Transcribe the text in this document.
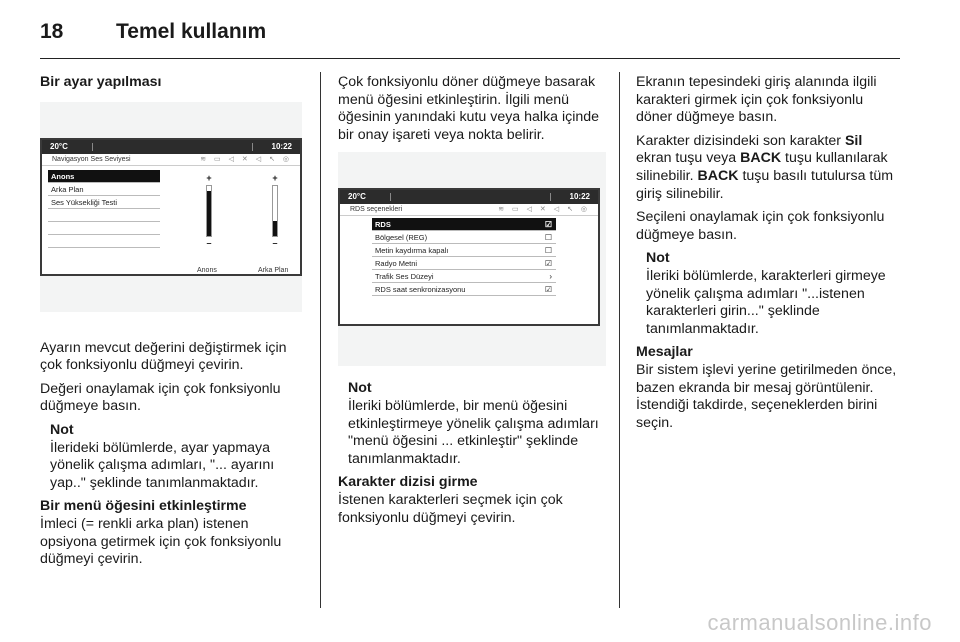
18	Temel kullanım
Bir ayar yapılması
20°C	10:22
Navigasyon Ses Seviyesi	≋ ▭ ◁ ✕ ◁ ↖ ◎
Anons
Arka Plan
Ses Yüksekliği Testi
+
–
+
–
Anons	Arka Plan

Ayarın mevcut değerini değiştirmek için çok fonksiyonlu düğmeyi çevirin.

Değeri onaylamak için çok fonksiyonlu düğmeye basın.

Not
İlerideki bölümlerde, ayar yapmaya yönelik çalışma adımları, "... ayarını yap.." şeklinde tanımlanmaktadır.
Bir menü öğesini etkinleştirme

İmleci (= renkli arka plan) istenen opsiyona getirmek için çok fonksiyonlu düğmeyi çevirin.

Çok fonksiyonlu döner düğmeye basarak menü öğesini etkinleştirin. İlgili menü öğesinin yanındaki kutu veya halka içinde bir onay işareti veya nokta belirir.

20°C	10:22
RDS seçenekleri	≋ ▭ ◁ ✕ ◁ ↖ ◎
RDS	☑
Bölgesel (REG)	☐
Metin kaydırma kapalı	☐
Radyo Metni	☑
Trafik Ses Düzeyi	›
RDS saat senkronizasyonu	☑
Not
İleriki bölümlerde, bir menü öğesini etkinleştirmeye yönelik çalışma adımları "menü öğesini ... etkinleştir" şeklinde tanımlanmaktadır.
Karakter dizisi girme

İstenen karakterleri seçmek için çok fonksiyonlu düğmeyi çevirin.

Ekranın tepesindeki giriş alanında ilgili karakteri girmek için çok fonksiyonlu döner düğmeye basın.

Karakter dizisindeki son karakter Sil ekran tuşu veya BACK tuşu kullanılarak silinebilir. BACK tuşu basılı tutulursa tüm giriş silinebilir.

Seçileni onaylamak için çok fonksiyonlu düğmeye basın.

Not
İleriki bölümlerde, karakterleri girmeye yönelik çalışma adımları "...istenen karakterleri girin..." şeklinde tanımlanmaktadır.
Mesajlar

Bir sistem işlevi yerine getirilmeden önce, bazen ekranda bir mesaj görüntülenir. İstendiği takdirde, seçeneklerden birini seçin.

carmanualsonline.info
